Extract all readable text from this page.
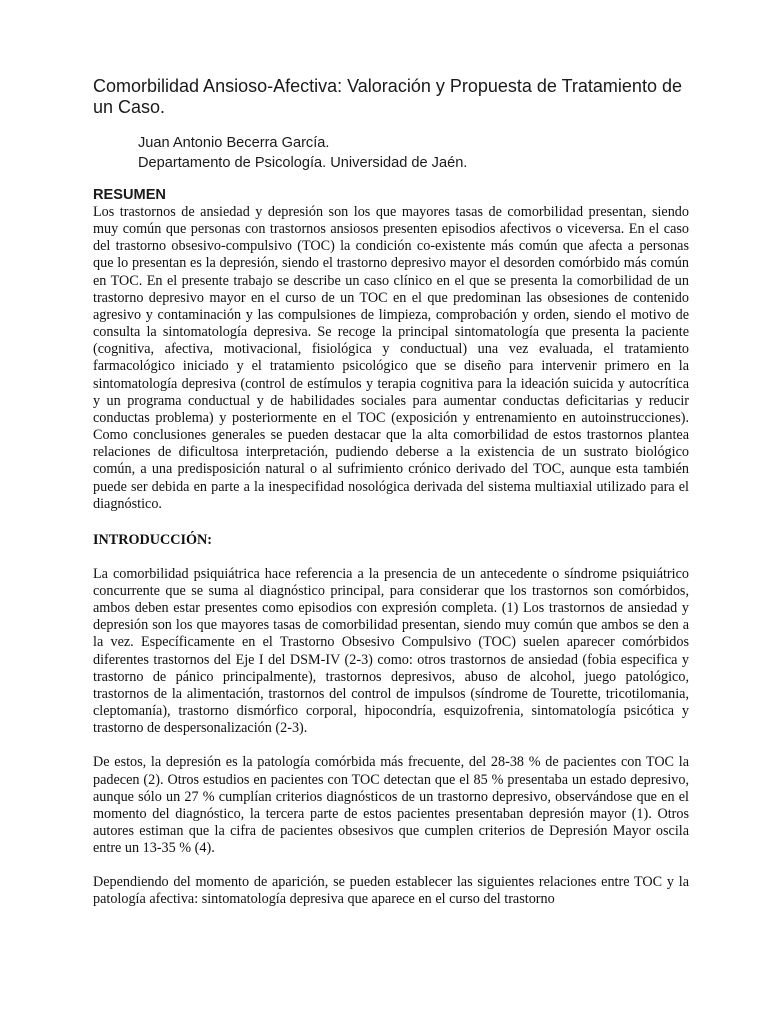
Comorbilidad Ansioso-Afectiva: Valoración y Propuesta de Tratamiento de un Caso.
Juan Antonio Becerra García.
Departamento de Psicología. Universidad de Jaén.
RESUMEN

Los trastornos de ansiedad y depresión son los que mayores tasas de comorbilidad presentan, siendo muy común que personas con trastornos ansiosos presenten episodios afectivos o viceversa. En el caso del trastorno obsesivo-compulsivo (TOC) la condición co-existente más común que afecta a personas que lo presentan es la depresión, siendo el trastorno depresivo mayor el desorden comórbido más común en TOC. En el presente trabajo se describe un caso clínico en el que se presenta la comorbilidad de un trastorno depresivo mayor en el curso de un TOC en el que predominan las obsesiones de contenido agresivo y contaminación y las compulsiones de limpieza, comprobación y orden, siendo el motivo de consulta la sintomatología depresiva. Se recoge la principal sintomatología que presenta la paciente (cognitiva, afectiva, motivacional, fisiológica y conductual) una vez evaluada, el tratamiento farmacológico iniciado y el tratamiento psicológico que se diseño para intervenir primero en la sintomatología depresiva (control de estímulos y terapia cognitiva para la ideación suicida y autocrítica y un programa conductual y de habilidades sociales para aumentar conductas deficitarias y reducir conductas problema) y posteriormente en el TOC (exposición y entrenamiento en autoinstrucciones). Como conclusiones generales se pueden destacar que la alta comorbilidad de estos trastornos plantea relaciones de dificultosa interpretación, pudiendo deberse a la existencia de un sustrato biológico común, a una predisposición natural o al sufrimiento crónico derivado del TOC, aunque esta también puede ser debida en parte a la inespecifidad nosológica derivada del sistema multiaxial utilizado para el diagnóstico.

INTRODUCCIÓN:

La comorbilidad psiquiátrica hace referencia a la presencia de un antecedente o síndrome psiquiátrico concurrente que se suma al diagnóstico principal, para considerar que los trastornos son comórbidos, ambos deben estar presentes como episodios con expresión completa. (1) Los trastornos de ansiedad y depresión son los que mayores tasas de comorbilidad presentan, siendo muy común que ambos se den a la vez. Específicamente en el Trastorno Obsesivo Compulsivo (TOC) suelen aparecer comórbidos diferentes trastornos del Eje I del DSM-IV (2-3) como: otros trastornos de ansiedad (fobia especifica y trastorno de pánico principalmente), trastornos depresivos, abuso de alcohol, juego patológico, trastornos de la alimentación, trastornos del control de impulsos (síndrome de Tourette, tricotilomania, cleptomanía), trastorno dismórfico corporal, hipocondría, esquizofrenia, sintomatología psicótica y trastorno de despersonalización (2-3).

De estos, la depresión es la patología comórbida más frecuente, del 28-38 % de pacientes con TOC la padecen (2). Otros estudios en pacientes con TOC detectan que el 85 % presentaba un estado depresivo, aunque sólo un 27 % cumplían criterios diagnósticos de un trastorno depresivo, observándose que en el momento del diagnóstico, la tercera parte de estos pacientes presentaban depresión mayor (1). Otros autores estiman que la cifra de pacientes obsesivos que cumplen criterios de Depresión Mayor oscila entre un 13-35 % (4).

Dependiendo del momento de aparición, se pueden establecer las siguientes relaciones entre TOC y la patología afectiva: sintomatología depresiva que aparece en el curso del trastorno
